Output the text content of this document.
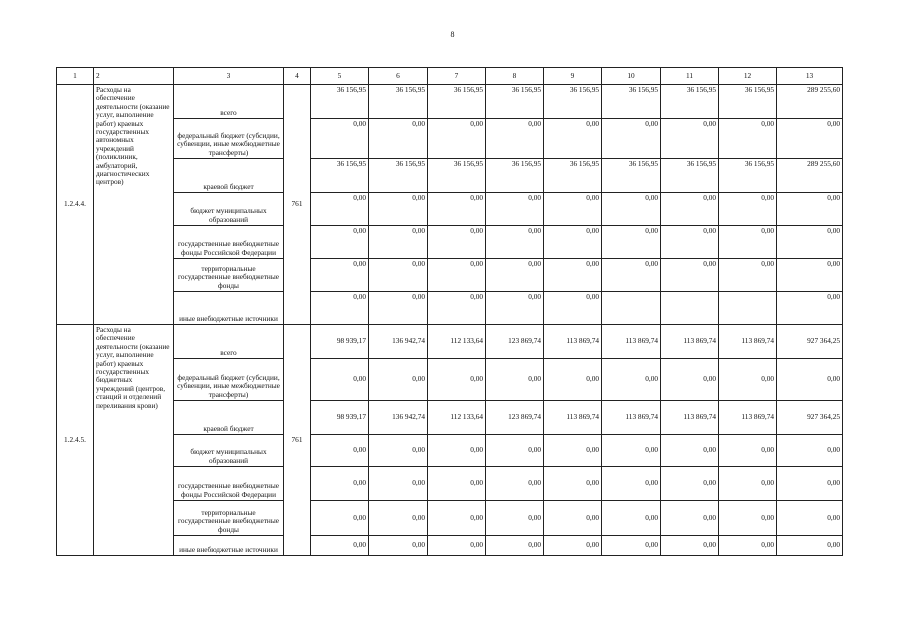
8
1	2	3	4	5	6	7	8	9	10	11	12	13
1.2.4.4.	Расходы на обеспечение деятельности (оказание услуг, выполнение работ) краевых государственных автономных учреждений (поликлиник, амбулаторий, диагностических центров)	всего	761	36 156,95	36 156,95	36 156,95	36 156,95	36 156,95	36 156,95	36 156,95	36 156,95	289 255,60
		федеральный бюджет (субсидии, субвенции, иные межбюджетные трансферты)		0,00	0,00	0,00	0,00	0,00	0,00	0,00	0,00	0,00
		краевой бюджет		36 156,95	36 156,95	36 156,95	36 156,95	36 156,95	36 156,95	36 156,95	36 156,95	289 255,60
		бюджет муниципальных образований		0,00	0,00	0,00	0,00	0,00	0,00	0,00	0,00	0,00
		государственные внебюджетные фонды Российской Федерации		0,00	0,00	0,00	0,00	0,00	0,00	0,00	0,00	0,00
		территориальные государственные внебюджетные фонды		0,00	0,00	0,00	0,00	0,00	0,00	0,00	0,00	0,00
		иные внебюджетные источники		0,00	0,00	0,00	0,00	0,00				0,00
1.2.4.5.	Расходы на обеспечение деятельности (оказание услуг, выполнение работ) краевых государственных бюджетных учреждений (центров, станций и отделений переливания крови)	всего	761	98 939,17	136 942,74	112 133,64	123 869,74	113 869,74	113 869,74	113 869,74	113 869,74	927 364,25
		федеральный бюджет (субсидии, субвенции, иные межбюджетные трансферты)		0,00	0,00	0,00	0,00	0,00	0,00	0,00	0,00	0,00
		краевой бюджет		98 939,17	136 942,74	112 133,64	123 869,74	113 869,74	113 869,74	113 869,74	113 869,74	927 364,25
		бюджет муниципальных образований		0,00	0,00	0,00	0,00	0,00	0,00	0,00	0,00	0,00
		государственные внебюджетные фонды Российской Федерации		0,00	0,00	0,00	0,00	0,00	0,00	0,00	0,00	0,00
		территориальные государственные внебюджетные фонды		0,00	0,00	0,00	0,00	0,00	0,00	0,00	0,00	0,00
		иные внебюджетные источники		0,00	0,00	0,00	0,00	0,00	0,00	0,00	0,00	0,00
